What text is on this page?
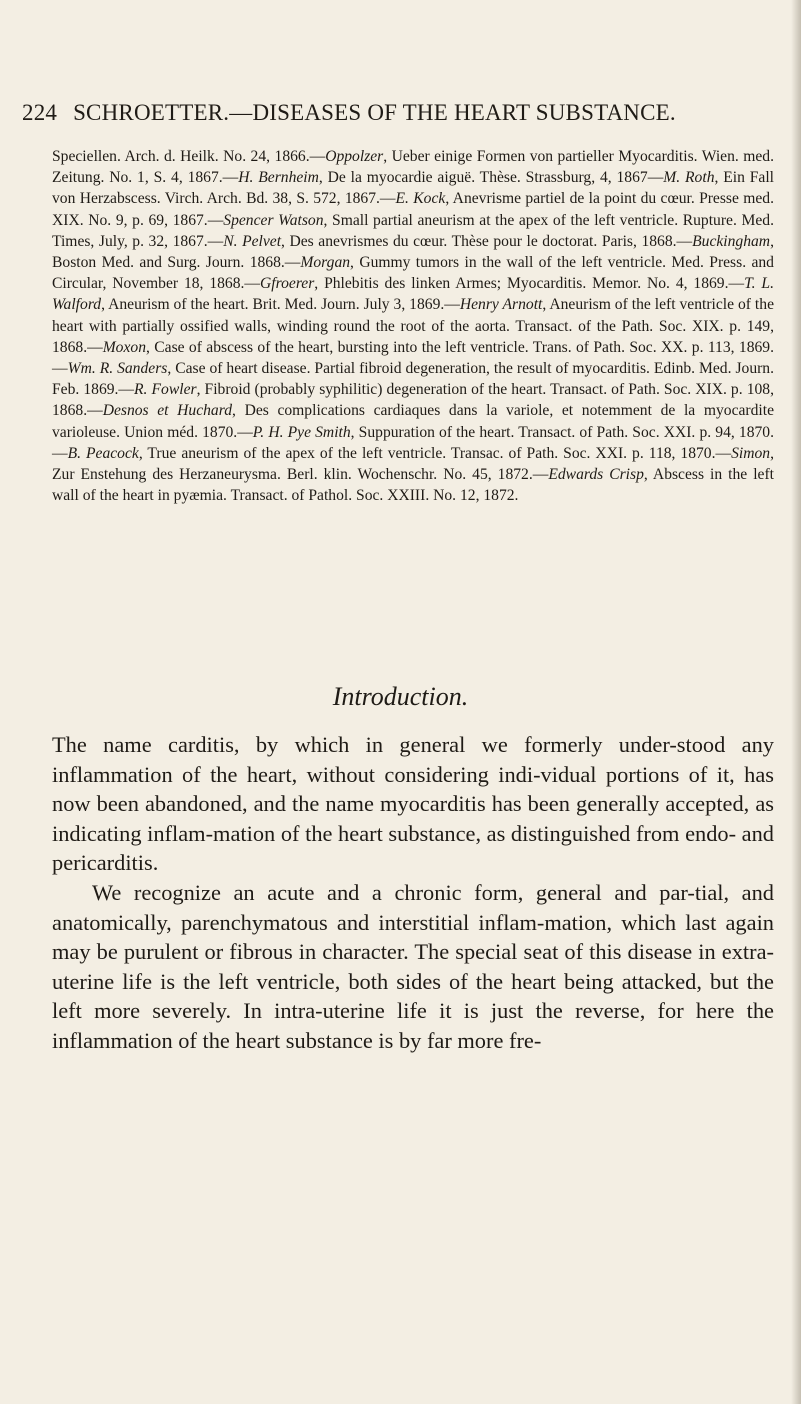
224 SCHROETTER.—DISEASES OF THE HEART SUBSTANCE.
Speciellen. Arch. d. Heilk. No. 24, 1866.—Oppolzer, Ueber einige Formen von partieller Myocarditis. Wien. med. Zeitung. No. 1, S. 4, 1867.—H. Bernheim, De la myocardie aiguë. Thèse. Strassburg, 4, 1867—M. Roth, Ein Fall von Herzabscess. Virch. Arch. Bd. 38, S. 572, 1867.—E. Kock, Anevrisme partiel de la point du cœur. Presse med. XIX. No. 9, p. 69, 1867.—Spencer Watson, Small partial aneurism at the apex of the left ventricle. Rupture. Med. Times, July, p. 32, 1867.—N. Pelvet, Des anevrismes du cœur. Thèse pour le doctorat. Paris, 1868.—Buckingham, Boston Med. and Surg. Journ. 1868.—Morgan, Gummy tumors in the wall of the left ventricle. Med. Press. and Circular, November 18, 1868.—Gfroerer, Phlebitis des linken Armes; Myocarditis. Memor. No. 4, 1869.—T. L. Walford, Aneurism of the heart. Brit. Med. Journ. July 3, 1869.—Henry Arnott, Aneurism of the left ventricle of the heart with partially ossified walls, winding round the root of the aorta. Transact. of the Path. Soc. XIX. p. 149, 1868.—Moxon, Case of abscess of the heart, bursting into the left ventricle. Trans. of Path. Soc. XX. p. 113, 1869.—Wm. R. Sanders, Case of heart disease. Partial fibroid degeneration, the result of myocarditis. Edinb. Med. Journ. Feb. 1869.—R. Fowler, Fibroid (probably syphilitic) degeneration of the heart. Transact. of Path. Soc. XIX. p. 108, 1868.—Desnos et Huchard, Des complications cardiaques dans la variole, et notemment de la myocardite varioleuse. Union méd. 1870.—P. H. Pye Smith, Suppuration of the heart. Transact. of Path. Soc. XXI. p. 94, 1870. —B. Peacock, True aneurism of the apex of the left ventricle. Transac. of Path. Soc. XXI. p. 118, 1870.—Simon, Zur Enstehung des Herzaneurysma. Berl. klin. Wochenschr. No. 45, 1872.—Edwards Crisp, Abscess in the left wall of the heart in pyæmia. Transact. of Pathol. Soc. XXIII. No. 12, 1872.
Introduction.

The name carditis, by which in general we formerly under-stood any inflammation of the heart, without considering indi-vidual portions of it, has now been abandoned, and the name myocarditis has been generally accepted, as indicating inflam-mation of the heart substance, as distinguished from endo- and pericarditis.

We recognize an acute and a chronic form, general and par-tial, and anatomically, parenchymatous and interstitial inflam-mation, which last again may be purulent or fibrous in character. The special seat of this disease in extra-uterine life is the left ventricle, both sides of the heart being attacked, but the left more severely. In intra-uterine life it is just the reverse, for here the inflammation of the heart substance is by far more fre-
